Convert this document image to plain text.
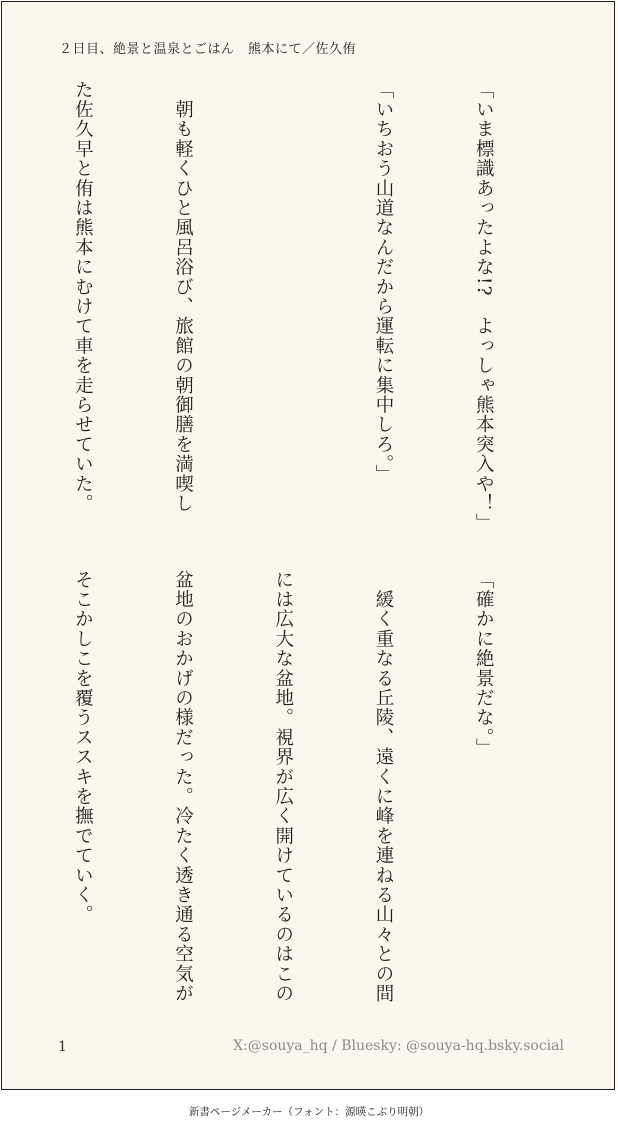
２日目、絶景と温泉とごはん　熊本にて／佐久侑

「いま標識あったよな!?　よっしゃ熊本突入や！」

「いちおう山道なんだから運転に集中しろ。」

　朝も軽くひと風呂浴び、旅館の朝御膳を満喫し

た佐久早と侑は熊本にむけて車を走らせていた。

「確かに絶景だな。」

　緩く重なる丘陵、遠くに峰を連ねる山々との間

には広大な盆地。視界が広く開けているのはこの

盆地のおかげの様だった。冷たく透き通る空気が

そこかしこを覆うススキを撫でていく。

1	X:@souya_hq / Bluesky: @souya-hq.bsky.social
新書ページメーカー（フォント：源暎こぶり明朝）
